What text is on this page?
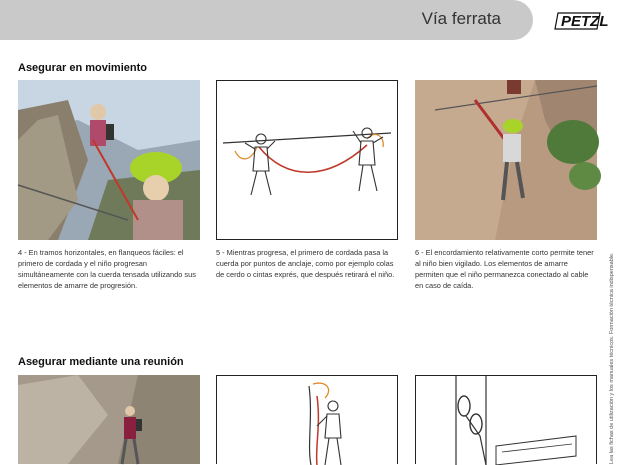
Vía ferrata	PETZL
Asegurar en movimiento
4 - En tramos horizontales, en flanqueos fáciles: el primero de cordada y el niño progresan simultáneamente con la cuerda tensada utilizando sus elementos de amarre de progresión.
5 - Mientras progresa, el primero de cordada pasa la cuerda por puntos de anclaje, como por ejemplo colas de cerdo o cintas exprés, que después retirará el niño.
6 - El encordamiento relativamente corto permite tener al niño bien vigilado. Los elementos de amarre permiten que el niño permanezca conectado al cable en caso de caída.
Asegurar mediante una reunión	Lea las fichas de utilización y los manuales técnicos. Formación técnica indispensable.
